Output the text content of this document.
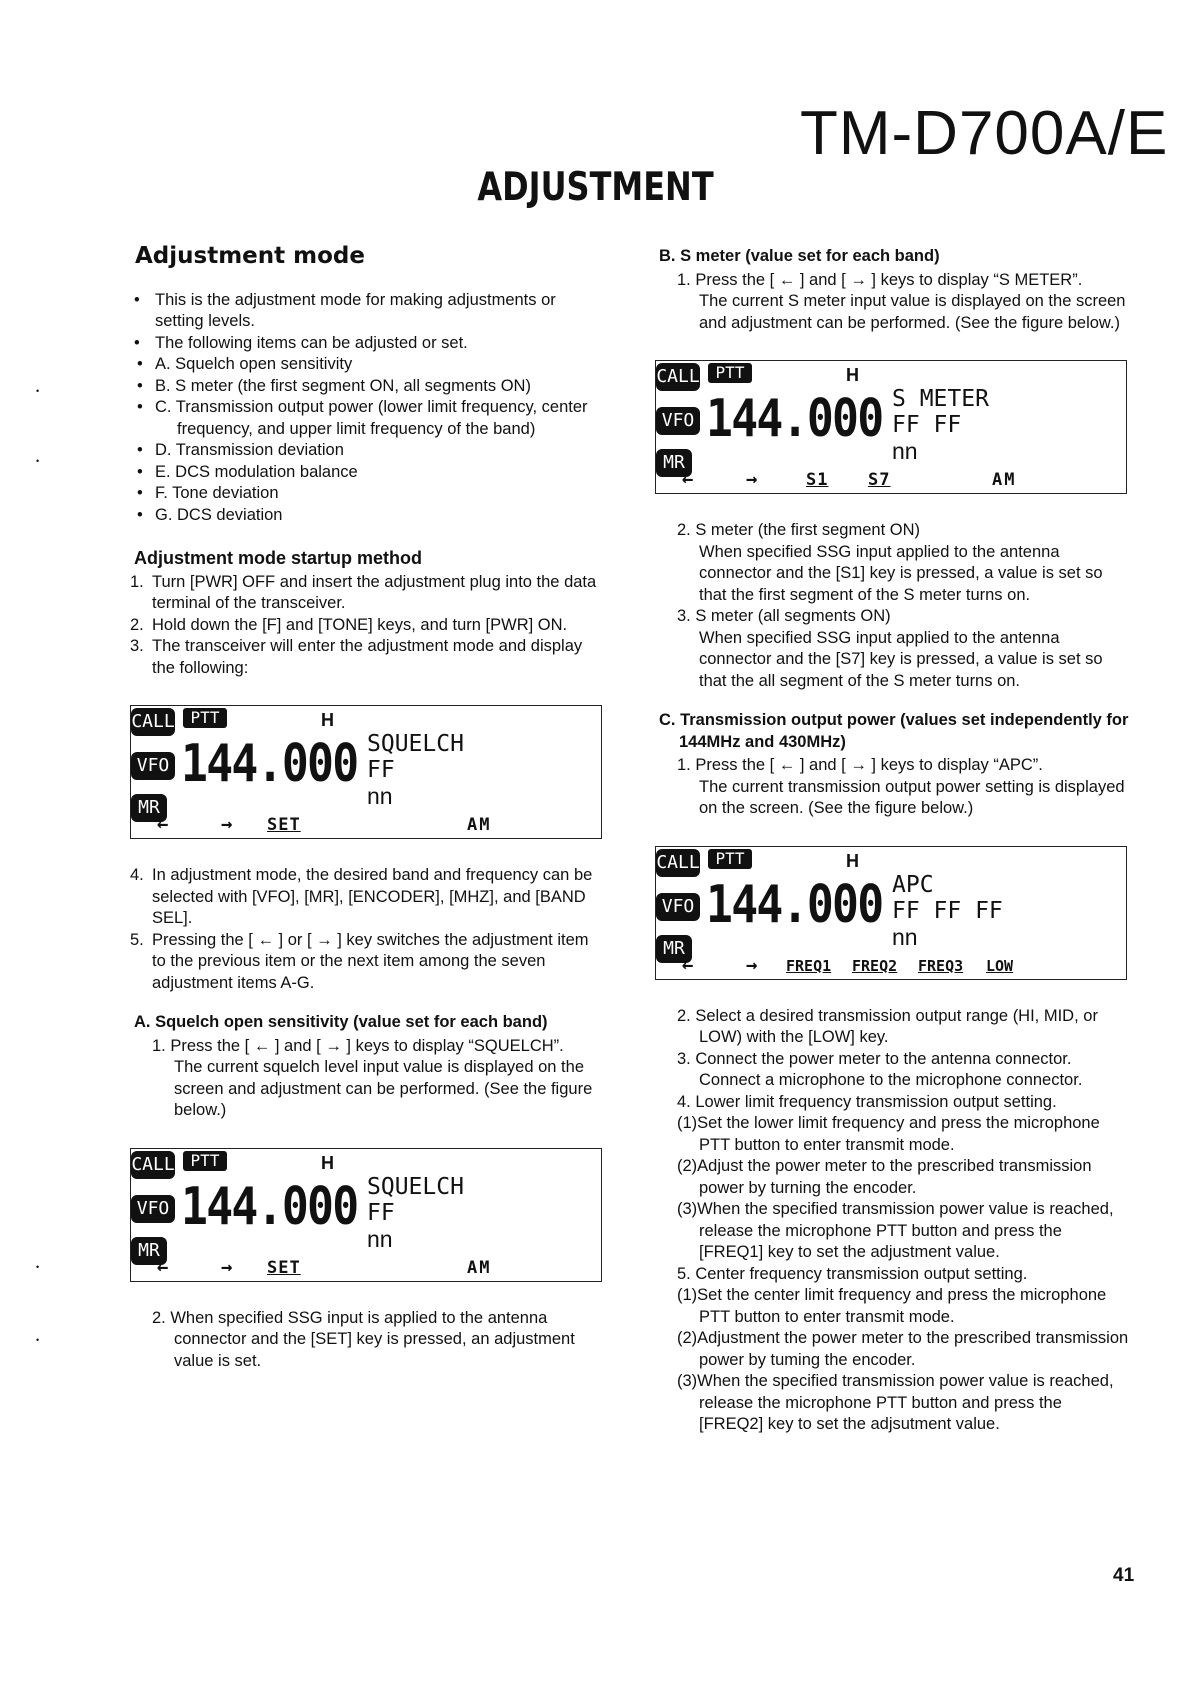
TM-D700A/E
ADJUSTMENT
Adjustment mode
• This is the adjustment mode for making adjustments or setting levels.
• The following items can be adjusted or set.
• A. Squelch open sensitivity
• B. S meter (the first segment ON, all segments ON)
• C. Transmission output power (lower limit frequency, center frequency, and upper limit frequency of the band)
• D. Transmission deviation
• E. DCS modulation balance
• F. Tone deviation
• G. DCS deviation
Adjustment mode startup method
1. Turn [PWR] OFF and insert the adjustment plug into the data terminal of the transceiver.
2. Hold down the [F] and [TONE] keys, and turn [PWR] ON.
3. The transceiver will enter the adjustment mode and display the following:
CALL PTT	H
VFO
MR
144.000 SQUELCH
FF
nn
←	→ SET	AM
4. In adjustment mode, the desired band and frequency can be selected with [VFO], [MR], [ENCODER], [MHZ], and [BAND SEL].
5. Pressing the [ ← ] or [ → ] key switches the adjustment item to the previous item or the next item among the seven adjustment items A-G.
A. Squelch open sensitivity (value set for each band)
1. Press the [ ← ] and [ → ] keys to display “SQUELCH”.
The current squelch level input value is displayed on the screen and adjustment can be performed. (See the figure below.)
CALL PTT	H
VFO
MR
144.000 SQUELCH
FF
nn
←	→ SET	AM
2. When specified SSG input is applied to the antenna connector and the [SET] key is pressed, an adjustment value is set.
B. S meter (value set for each band)
1. Press the [ ← ] and [ → ] keys to display “S METER”.
The current S meter input value is displayed on the screen and adjustment can be performed. (See the figure below.)
CALL PTT	H
VFO
MR
144.000 S METER
FF FF
nn
←	→	S1 S7	AM
2. S meter (the first segment ON)
When specified SSG input applied to the antenna connector and the [S1] key is pressed, a value is set so that the first segment of the S meter turns on.
3. S meter (all segments ON)
When specified SSG input applied to the antenna connector and the [S7] key is pressed, a value is set so that the all segment of the S meter turns on.
C. Transmission output power (values set independently for 144MHz and 430MHz)
1. Press the [ ← ] and [ → ] keys to display “APC”.
The current transmission output power setting is displayed on the screen. (See the figure below.)
CALL PTT	H
VFO
MR
144.000 APC
FF FF FF
nn
←	→ FREQ1 FREQ2 FREQ3 LOW
2. Select a desired transmission output range (HI, MID, or LOW) with the [LOW] key.
3. Connect the power meter to the antenna connector. Connect a microphone to the microphone connector.
4. Lower limit frequency transmission output setting.
(1)Set the lower limit frequency and press the microphone PTT button to enter transmit mode.
(2)Adjust the power meter to the prescribed transmission power by turning the encoder.
(3)When the specified transmission power value is reached, release the microphone PTT button and press the [FREQ1] key to set the adjustment value.
5. Center frequency transmission output setting.
(1)Set the center limit frequency and press the microphone PTT button to enter transmit mode.
(2)Adjustment the power meter to the prescribed transmission power by tuming the encoder.
(3)When the specified transmission power value is reached, release the microphone PTT button and press the [FREQ2] key to set the adjsutment value.
•
•
•
•
41
